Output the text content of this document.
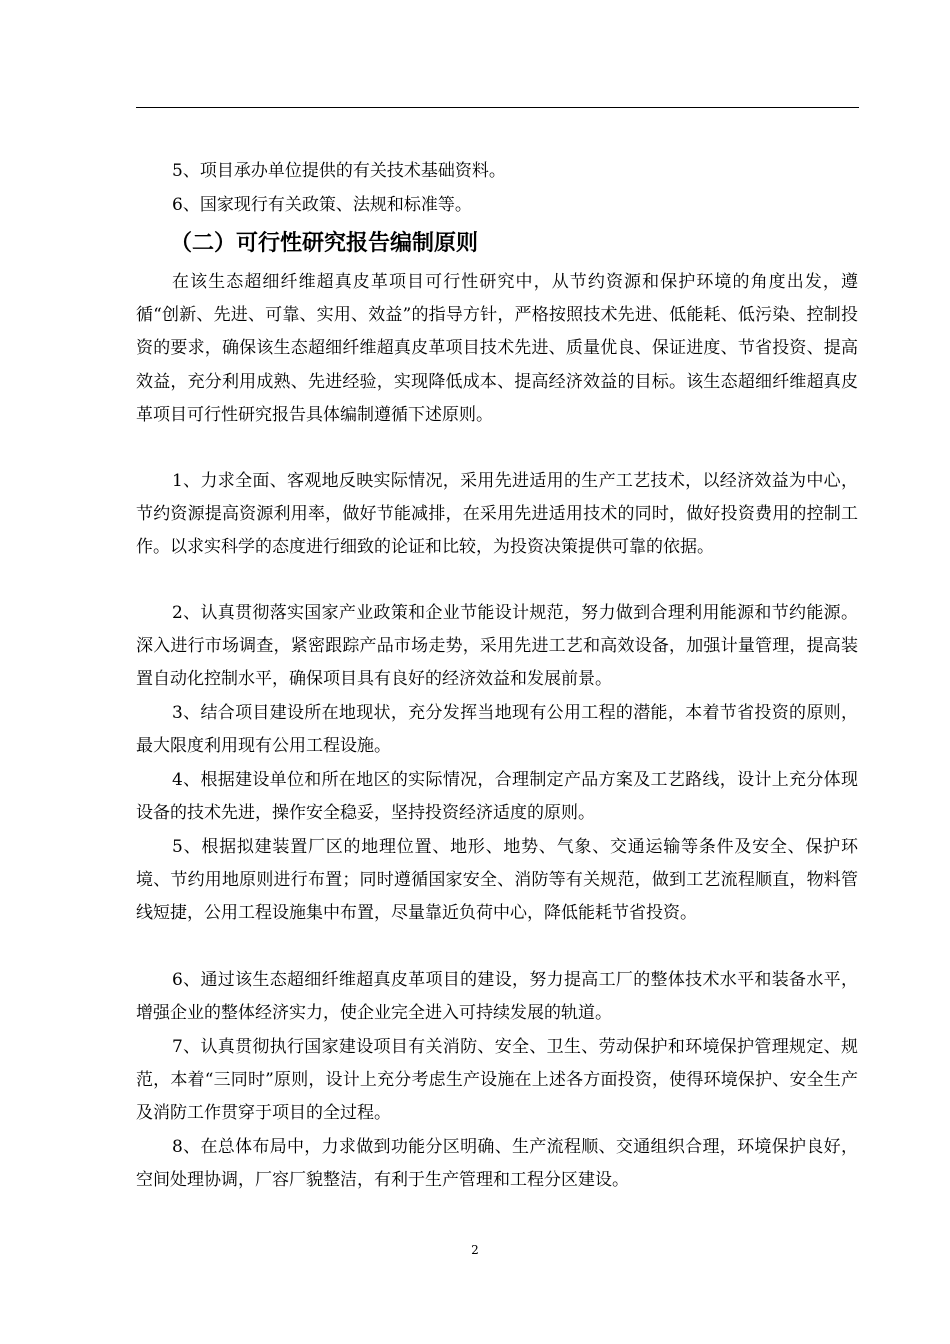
5、项目承办单位提供的有关技术基础资料。

6、国家现行有关政策、法规和标准等。

（二）可行性研究报告编制原则

在该生态超细纤维超真皮革项目可行性研究中，从节约资源和保护环境的角度出发，遵循“创新、先进、可靠、实用、效益”的指导方针，严格按照技术先进、低能耗、低污染、控制投资的要求，确保该生态超细纤维超真皮革项目技术先进、质量优良、保证进度、节省投资、提高效益，充分利用成熟、先进经验，实现降低成本、提高经济效益的目标。该生态超细纤维超真皮革项目可行性研究报告具体编制遵循下述原则。

1、力求全面、客观地反映实际情况，采用先进适用的生产工艺技术，以经济效益为中心，节约资源提高资源利用率，做好节能减排，在采用先进适用技术的同时，做好投资费用的控制工作。以求实科学的态度进行细致的论证和比较，为投资决策提供可靠的依据。

2、认真贯彻落实国家产业政策和企业节能设计规范，努力做到合理利用能源和节约能源。深入进行市场调查，紧密跟踪产品市场走势，采用先进工艺和高效设备，加强计量管理，提高装置自动化控制水平，确保项目具有良好的经济效益和发展前景。

3、结合项目建设所在地现状，充分发挥当地现有公用工程的潜能，本着节省投资的原则，最大限度利用现有公用工程设施。

4、根据建设单位和所在地区的实际情况，合理制定产品方案及工艺路线，设计上充分体现设备的技术先进，操作安全稳妥，坚持投资经济适度的原则。

5、根据拟建装置厂区的地理位置、地形、地势、气象、交通运输等条件及安全、保护环境、节约用地原则进行布置；同时遵循国家安全、消防等有关规范，做到工艺流程顺直，物料管线短捷，公用工程设施集中布置，尽量靠近负荷中心，降低能耗节省投资。

6、通过该生态超细纤维超真皮革项目的建设，努力提高工厂的整体技术水平和装备水平，增强企业的整体经济实力，使企业完全进入可持续发展的轨道。

7、认真贯彻执行国家建设项目有关消防、安全、卫生、劳动保护和环境保护管理规定、规范，本着“三同时”原则，设计上充分考虑生产设施在上述各方面投资，使得环境保护、安全生产及消防工作贯穿于项目的全过程。

8、在总体布局中，力求做到功能分区明确、生产流程顺、交通组织合理，环境保护良好，空间处理协调，厂容厂貌整洁，有利于生产管理和工程分区建设。

2
